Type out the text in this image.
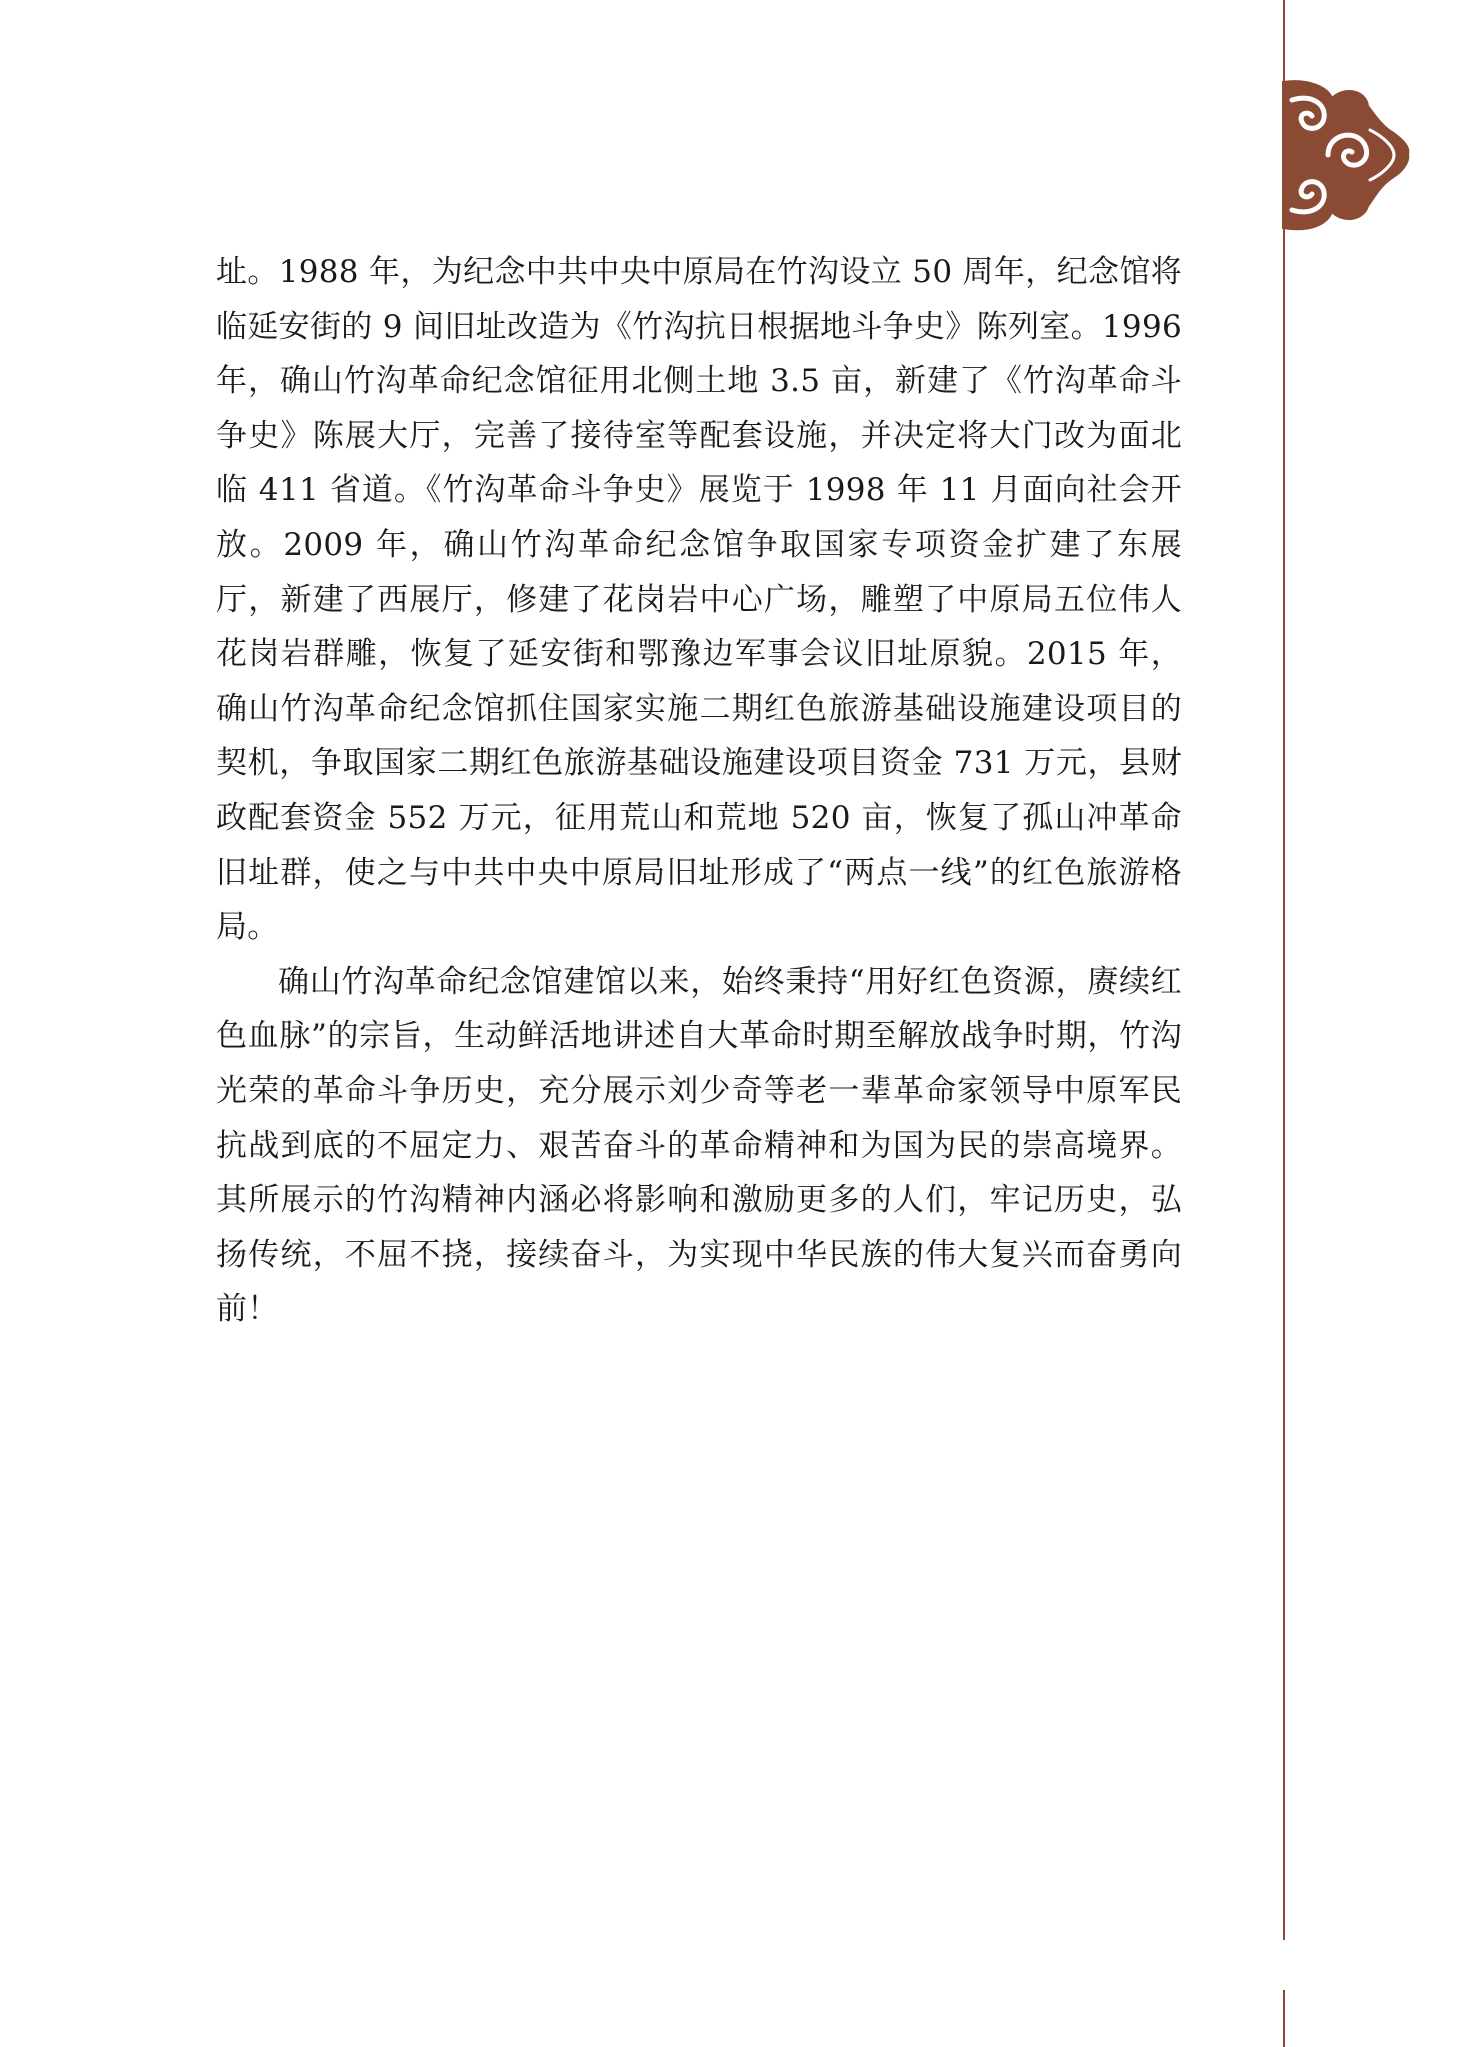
址。1988 年，为纪念中共中央中原局在竹沟设立 50 周年，纪念馆将临延安街的 9 间旧址改造为《竹沟抗日根据地斗争史》陈列室。1996 年，确山竹沟革命纪念馆征用北侧土地 3.5 亩，新建了《竹沟革命斗争史》陈展大厅，完善了接待室等配套设施，并决定将大门改为面北临 411 省道。《竹沟革命斗争史》展览于 1998 年 11 月面向社会开放。2009 年，确山竹沟革命纪念馆争取国家专项资金扩建了东展厅，新建了西展厅，修建了花岗岩中心广场，雕塑了中原局五位伟人花岗岩群雕，恢复了延安街和鄂豫边军事会议旧址原貌。2015 年，确山竹沟革命纪念馆抓住国家实施二期红色旅游基础设施建设项目的契机，争取国家二期红色旅游基础设施建设项目资金 731 万元，县财政配套资金 552 万元，征用荒山和荒地 520 亩，恢复了孤山冲革命旧址群，使之与中共中央中原局旧址形成了“两点一线”的红色旅游格局。

确山竹沟革命纪念馆建馆以来，始终秉持“用好红色资源，赓续红色血脉”的宗旨，生动鲜活地讲述自大革命时期至解放战争时期，竹沟光荣的革命斗争历史，充分展示刘少奇等老一辈革命家领导中原军民抗战到底的不屈定力、艰苦奋斗的革命精神和为国为民的崇高境界。其所展示的竹沟精神内涵必将影响和激励更多的人们，牢记历史，弘扬传统，不屈不挠，接续奋斗，为实现中华民族的伟大复兴而奋勇向前！
